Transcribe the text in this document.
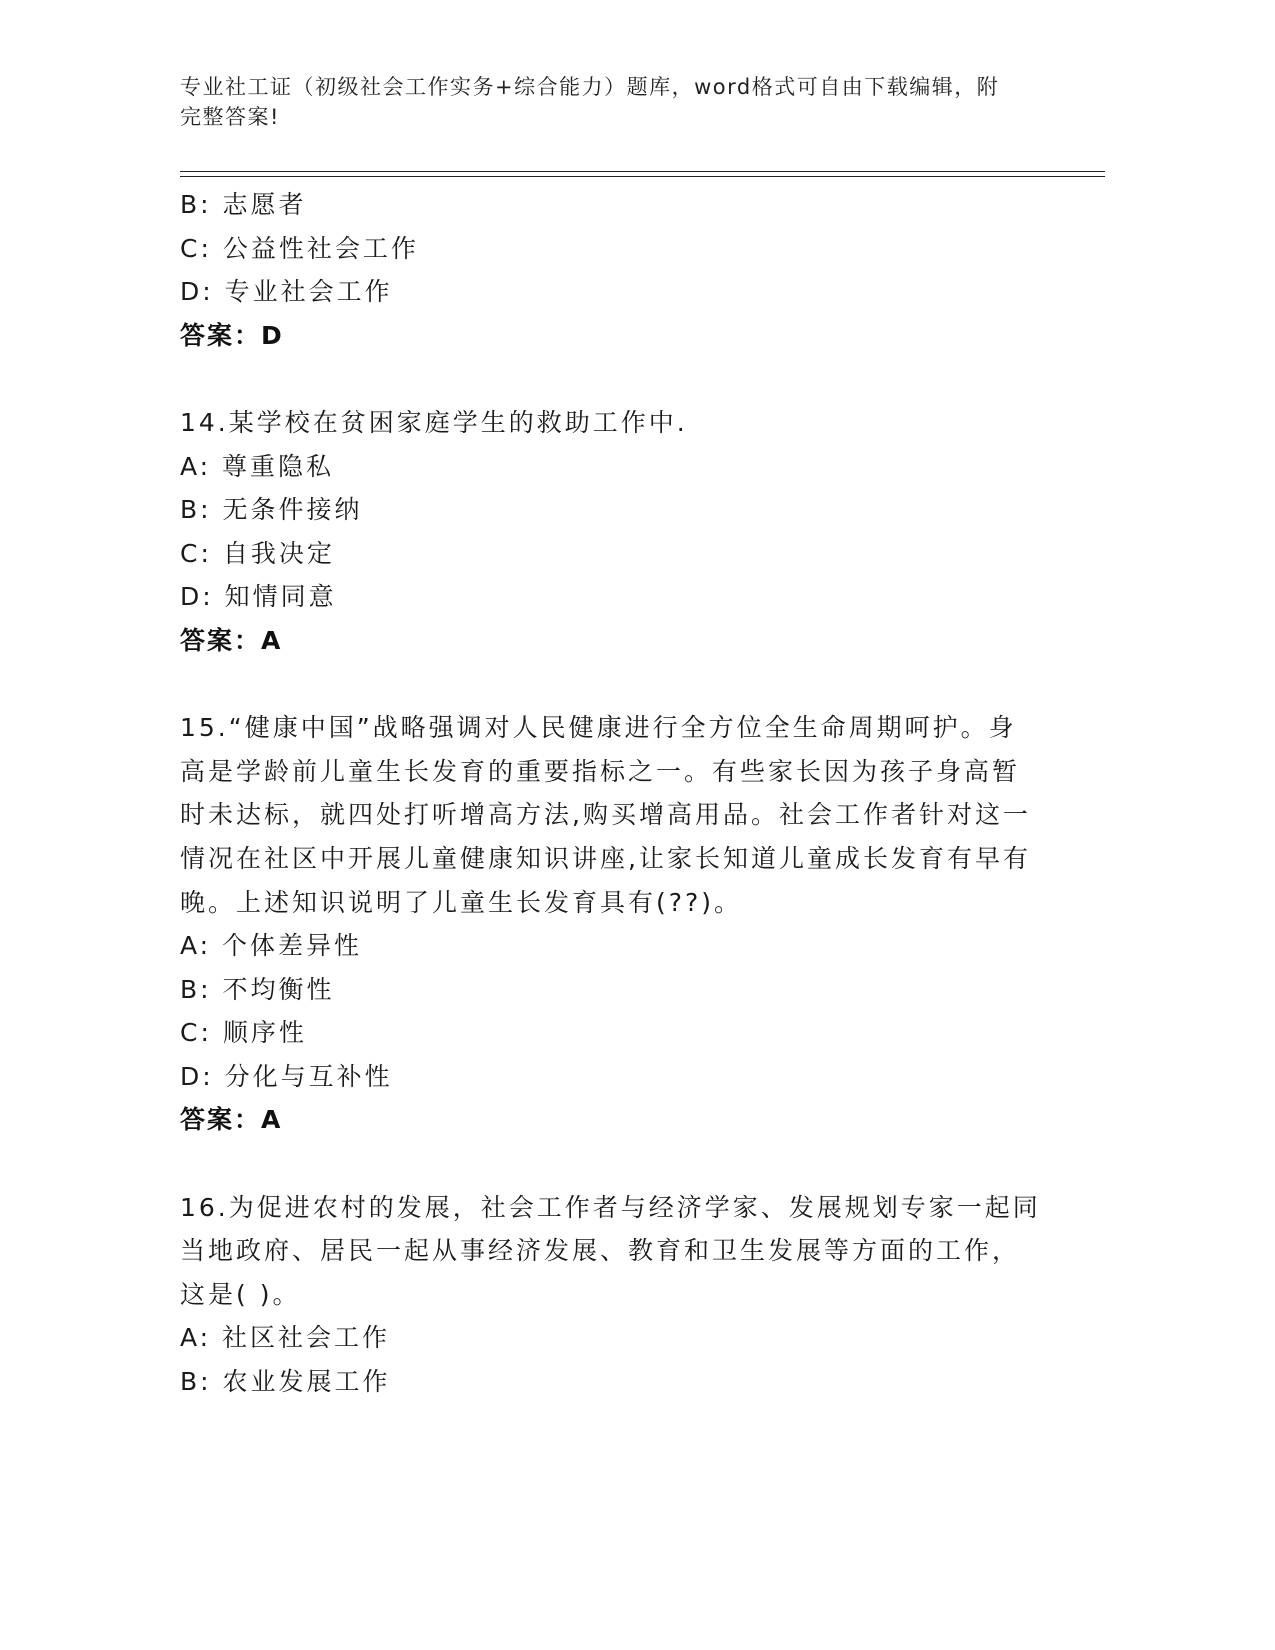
专业社工证（初级社会工作实务+综合能力）题库，word格式可自由下载编辑，附
完整答案!
B: 志愿者
C: 公益性社会工作
D: 专业社会工作
答案：D
14.某学校在贫困家庭学生的救助工作中.
A: 尊重隐私
B: 无条件接纳
C: 自我决定
D: 知情同意
答案：A
15.“健康中国”战略强调对人民健康进行全方位全生命周期呵护。身
高是学龄前儿童生长发育的重要指标之一。有些家长因为孩子身高暂
时未达标，就四处打听增高方法,购买增高用品。社会工作者针对这一
情况在社区中开展儿童健康知识讲座,让家长知道儿童成长发育有早有
晚。上述知识说明了儿童生长发育具有(??)。
A: 个体差异性
B: 不均衡性
C: 顺序性
D: 分化与互补性
答案：A
16.为促进农村的发展，社会工作者与经济学家、发展规划专家一起同
当地政府、居民一起从事经济发展、教育和卫生发展等方面的工作，
这是( )。
A: 社区社会工作
B: 农业发展工作
